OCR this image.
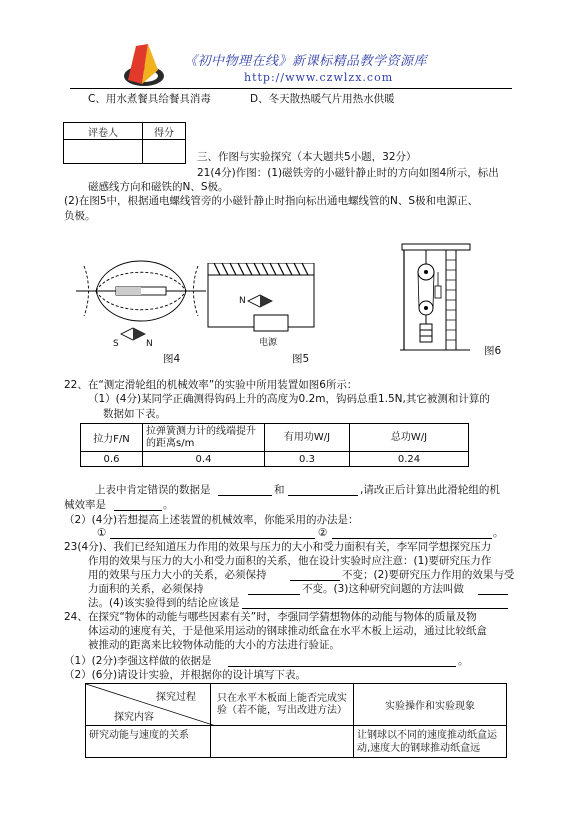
《初中物理在线》新课标精品教学资源库
http://www.czwlzx.com
C、用水煮餐具给餐具消毒	D、冬天散热暖气片用热水供暖
评卷人	得分

三、作图与实验探究（本大题共5小题，32分）
21(4分)作图：(1)磁铁旁的小磁针静止时的方向如图4所示，标出
磁感线方向和磁铁的N、S极。
(2)在图5中，根据通电螺线管旁的小磁针静止时指向标出通电螺线管的N、S极和电源正、
负极。
S	N
图4
N
电源
图5
图6
22、在“测定滑轮组的机械效率”的实验中所用装置如图6所示：
（1）(4分)某同学正确测得钩码上升的高度为0.2m，钩码总重1.5N,其它被测和计算的
数据如下表。
拉力F/N	拉弹簧测力计的线端提升的距离s/m	有用功W/J	总功W/J
0.6	0.4	0.3	0.24
上表中肯定错误的数据是	和	,请改正后计算出此滑轮组的机
械效率是	。
（2）(4分)若想提高上述装置的机械效率，你能采用的办法是：
①	②	。
23(4分)、我们已经知道压力作用的效果与压力的大小和受力面积有关，李军同学想探究压力
作用的效果与压力的大小和受力面积的关系，他在设计实验时应注意：(1)要研究压力作
用的效果与压力大小的关系，必须保持	不变；(2)要研究压力作用的效果与受
力面积的关系，必须保持	不变。(3)这种研究问题的方法叫做
法。(4)该实验得到的结论应该是
24、在探究“物体的动能与哪些因素有关”时，李强同学猜想物体的动能与物体的质量及物
体运动的速度有关，于是他采用运动的钢球推动纸盒在水平木板上运动，通过比较纸盒
被推动的距离来比较物体动能的大小的方法进行验证。
（1）(2分)李强这样做的依据是	。
（2）(6分)请设计实验，并根据你的设计填写下表。
探究过程
探究内容	只在水平木板面上能否完成实验（若不能，写出改进方法）	实验操作和实验现象
研究动能与速度的关系		让钢球以不同的速度推动纸盒运动,速度大的钢球推动纸盒远
